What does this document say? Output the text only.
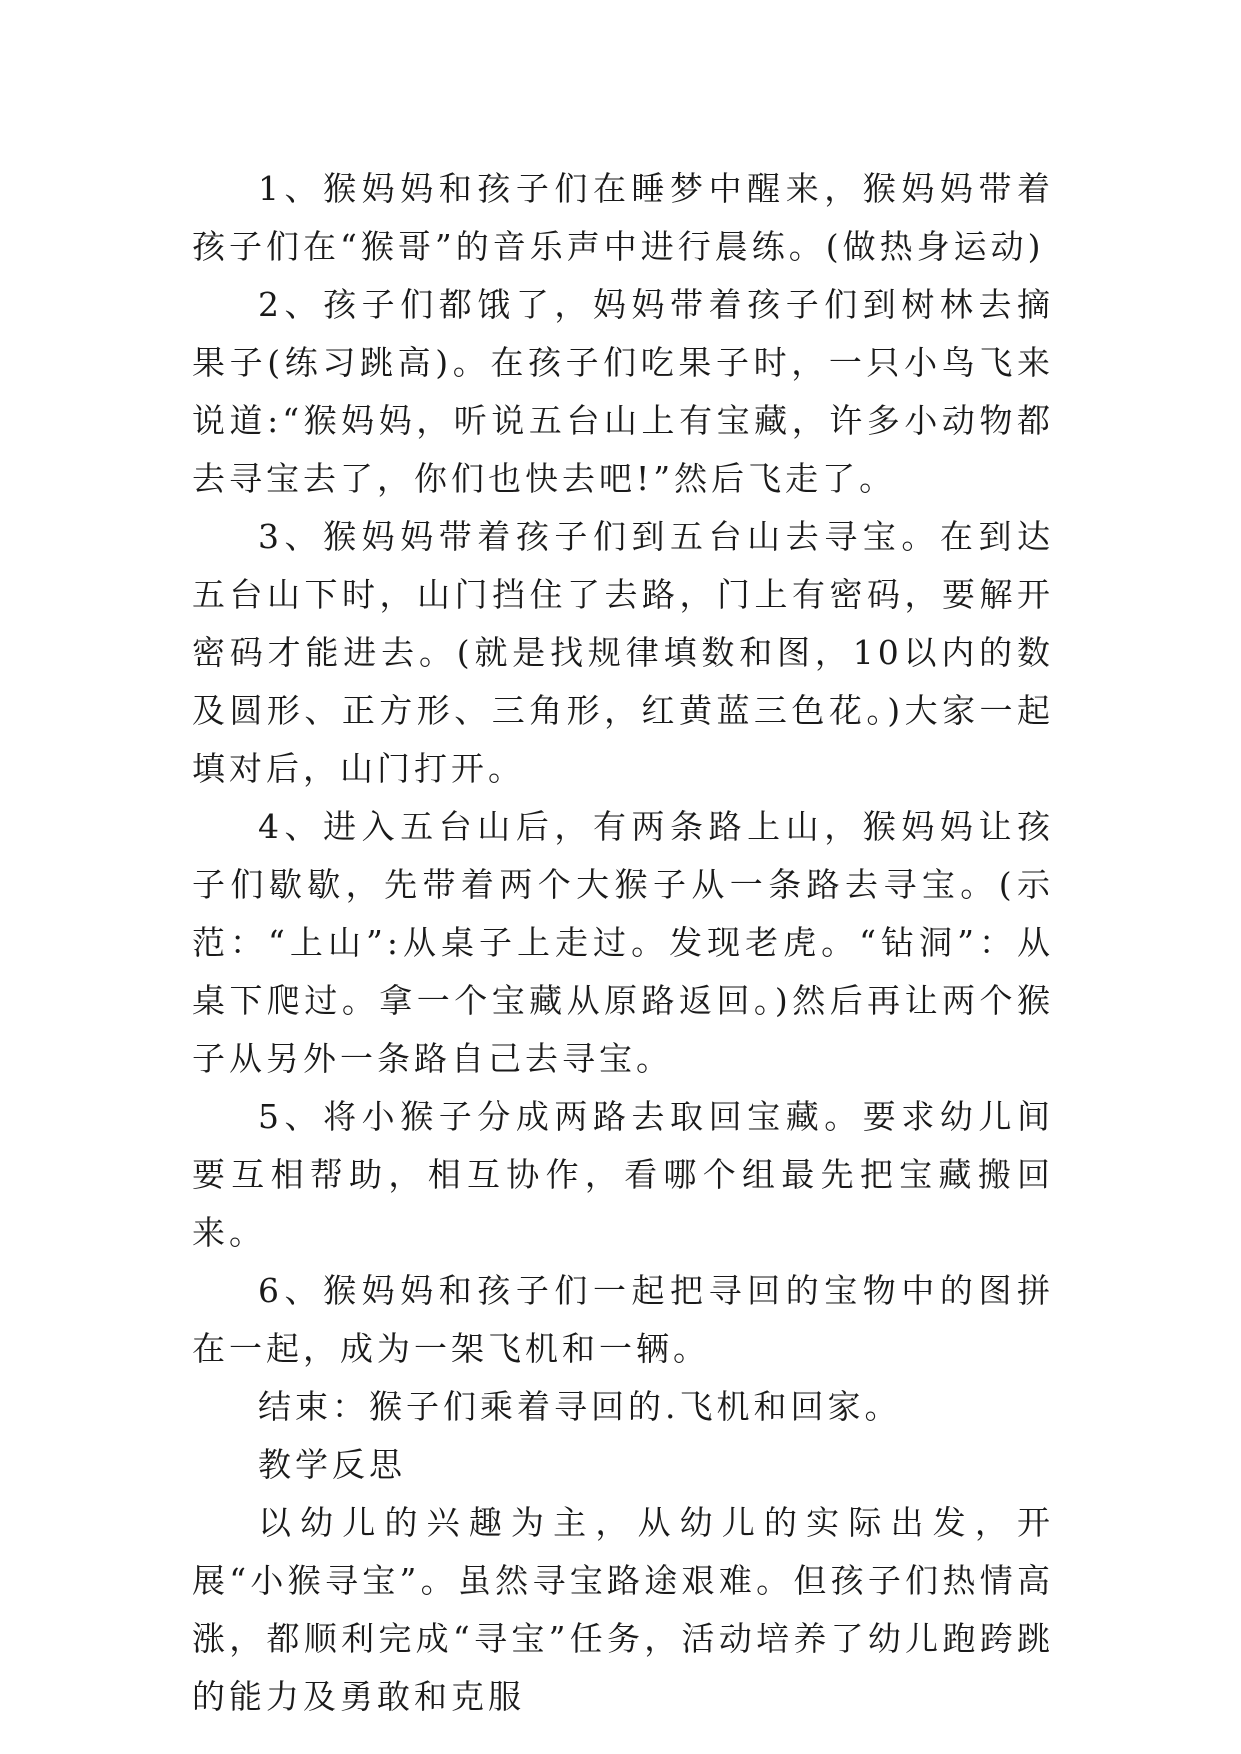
1、猴妈妈和孩子们在睡梦中醒来，猴妈妈带着孩子们在“猴哥”的音乐声中进行晨练。(做热身运动)

2、孩子们都饿了，妈妈带着孩子们到树林去摘果子(练习跳高)。在孩子们吃果子时，一只小鸟飞来说道:“猴妈妈，听说五台山上有宝藏，许多小动物都去寻宝去了，你们也快去吧!”然后飞走了。

3、猴妈妈带着孩子们到五台山去寻宝。在到达五台山下时，山门挡住了去路，门上有密码，要解开密码才能进去。(就是找规律填数和图，10以内的数及圆形、正方形、三角形，红黄蓝三色花。)大家一起填对后，山门打开。

4、进入五台山后，有两条路上山，猴妈妈让孩子们歇歇，先带着两个大猴子从一条路去寻宝。(示范：“上山”:从桌子上走过。发现老虎。“钻洞”：从桌下爬过。拿一个宝藏从原路返回。)然后再让两个猴子从另外一条路自己去寻宝。

5、将小猴子分成两路去取回宝藏。要求幼儿间要互相帮助，相互协作，看哪个组最先把宝藏搬回来。

6、猴妈妈和孩子们一起把寻回的宝物中的图拼在一起，成为一架飞机和一辆。

结束：猴子们乘着寻回的.飞机和回家。

教学反思

以幼儿的兴趣为主，从幼儿的实际出发，开展“小猴寻宝”。虽然寻宝路途艰难。但孩子们热情高涨，都顺利完成“寻宝”任务，活动培养了幼儿跑跨跳的能力及勇敢和克服
